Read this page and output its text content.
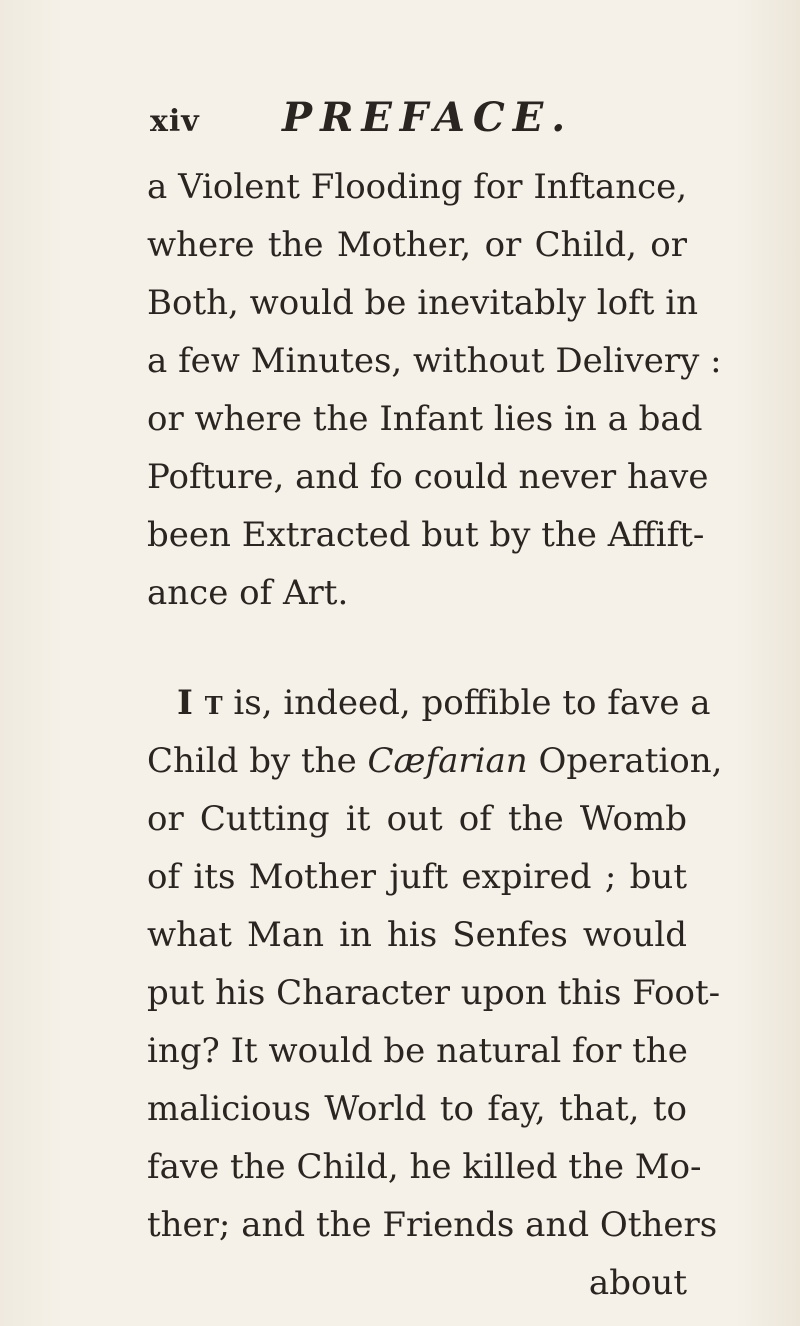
xiv PREFACE.
a Violent Flooding for Inftance,
where the Mother, or Child, or
Both, would be inevitably loft in
a few Minutes, without Delivery :
or where the Infant lies in a bad
Pofture, and fo could never have
been Extracted but by the Affift-
ance of Art.
I t is, indeed, poffible to fave a
Child by the Cæfarian Operation,
or Cutting it out of the Womb
of its Mother juft expired ; but
what Man in his Senfes would
put his Character upon this Foot-
ing? It would be natural for the
malicious World to fay, that, to
fave the Child, he killed the Mo-
ther; and the Friends and Others
about
